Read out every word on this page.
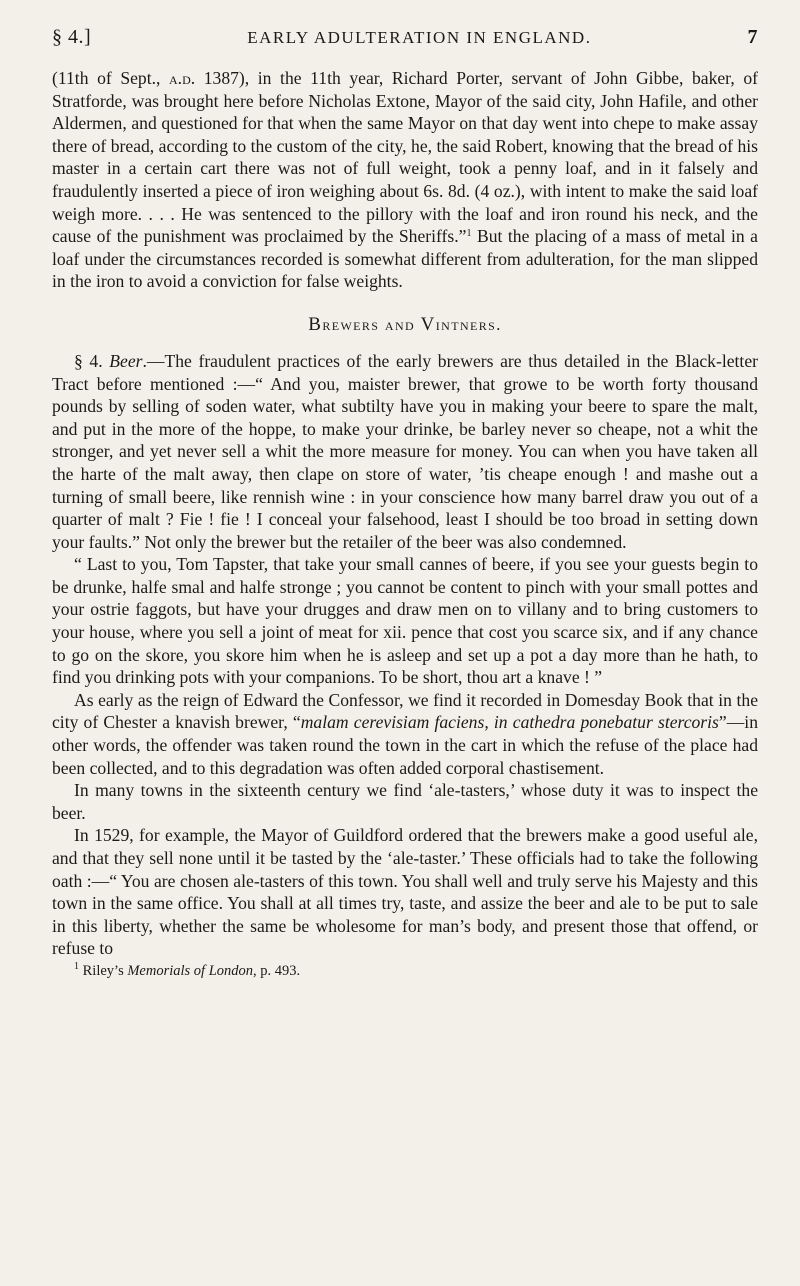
§ 4.]	EARLY ADULTERATION IN ENGLAND.	7

(11th of Sept., a.d. 1387), in the 11th year, Richard Porter, servant of John Gibbe, baker, of Stratforde, was brought here before Nicholas Extone, Mayor of the said city, John Hafile, and other Aldermen, and questioned for that when the same Mayor on that day went into chepe to make assay there of bread, according to the custom of the city, he, the said Robert, knowing that the bread of his master in a certain cart there was not of full weight, took a penny loaf, and in it falsely and fraudulently inserted a piece of iron weighing about 6s. 8d. (4 oz.), with intent to make the said loaf weigh more. . . . He was sentenced to the pillory with the loaf and iron round his neck, and the cause of the punishment was proclaimed by the Sheriffs.”$^1$ But the placing of a mass of metal in a loaf under the circumstances recorded is somewhat different from adulteration, for the man slipped in the iron to avoid a conviction for false weights.

Brewers and Vintners.

§ 4. Beer.—The fraudulent practices of the early brewers are thus detailed in the Black-letter Tract before mentioned :—“ And you, maister brewer, that growe to be worth forty thousand pounds by selling of soden water, what subtilty have you in making your beere to spare the malt, and put in the more of the hoppe, to make your drinke, be barley never so cheape, not a whit the stronger, and yet never sell a whit the more measure for money. You can when you have taken all the harte of the malt away, then clape on store of water, ’tis cheape enough ! and mashe out a turning of small beere, like rennish wine : in your conscience how many barrel draw you out of a quarter of malt ? Fie ! fie ! I conceal your falsehood, least I should be too broad in setting down your faults.” Not only the brewer but the retailer of the beer was also condemned.

“ Last to you, Tom Tapster, that take your small cannes of beere, if you see your guests begin to be drunke, halfe smal and halfe stronge ; you cannot be content to pinch with your small pottes and your ostrie faggots, but have your drugges and draw men on to villany and to bring customers to your house, where you sell a joint of meat for xii. pence that cost you scarce six, and if any chance to go on the skore, you skore him when he is asleep and set up a pot a day more than he hath, to find you drinking pots with your companions. To be short, thou art a knave ! ”

As early as the reign of Edward the Confessor, we find it recorded in Domesday Book that in the city of Chester a knavish brewer, “malam cerevisiam faciens, in cathedra ponebatur stercoris”—in other words, the offender was taken round the town in the cart in which the refuse of the place had been collected, and to this degradation was often added corporal chastisement.

In many towns in the sixteenth century we find ‘ale-tasters,’ whose duty it was to inspect the beer.

In 1529, for example, the Mayor of Guildford ordered that the brewers make a good useful ale, and that they sell none until it be tasted by the ‘ale-taster.’ These officials had to take the following oath :—“ You are chosen ale-tasters of this town. You shall well and truly serve his Majesty and this town in the same office. You shall at all times try, taste, and assize the beer and ale to be put to sale in this liberty, whether the same be wholesome for man’s body, and present those that offend, or refuse to

$^1$ Riley’s Memorials of London, p. 493.
